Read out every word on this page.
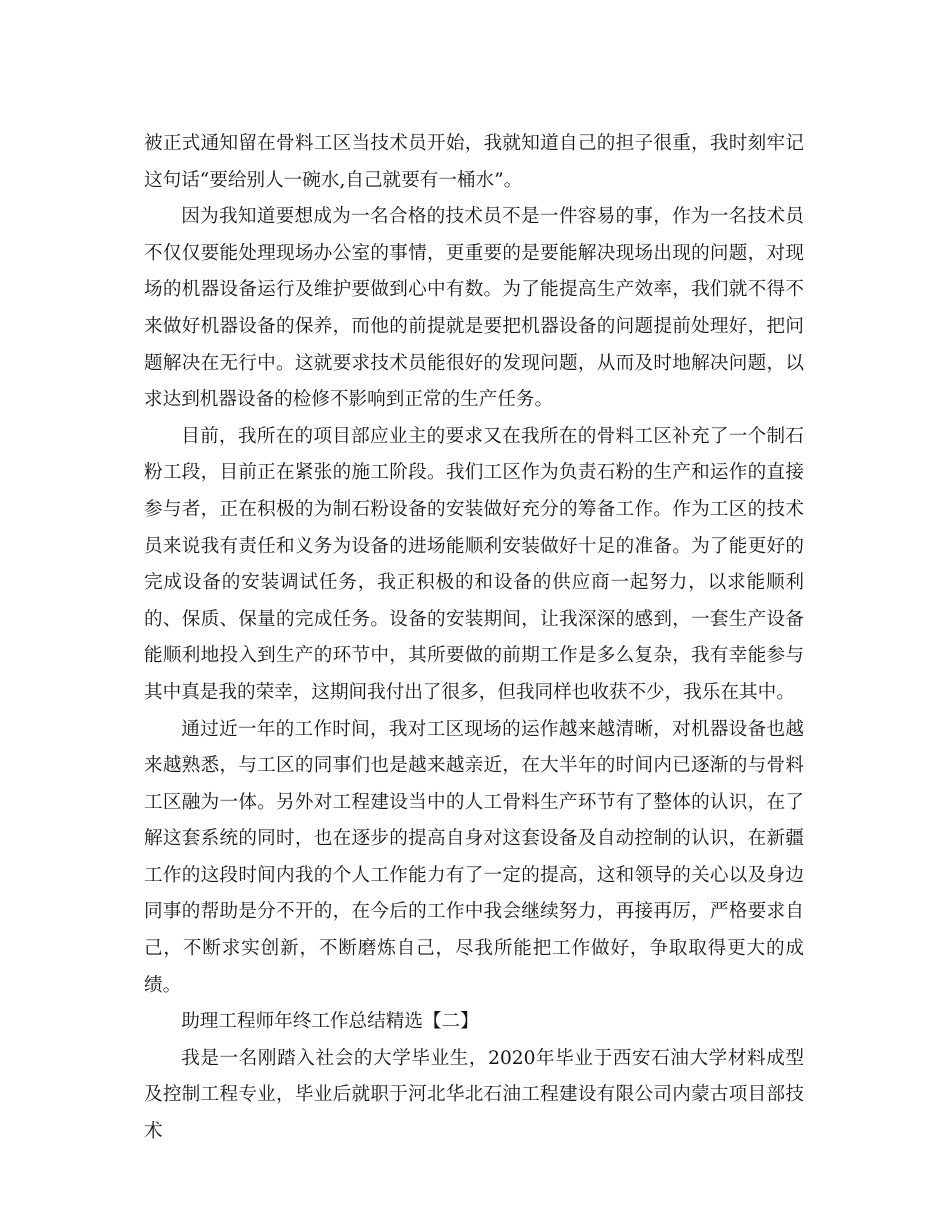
被正式通知留在骨料工区当技术员开始，我就知道自己的担子很重，我时刻牢记这句话“要给别人一碗水,自己就要有一桶水”。

因为我知道要想成为一名合格的技术员不是一件容易的事，作为一名技术员不仅仅要能处理现场办公室的事情，更重要的是要能解决现场出现的问题，对现场的机器设备运行及维护要做到心中有数。为了能提高生产效率，我们就不得不来做好机器设备的保养，而他的前提就是要把机器设备的问题提前处理好，把问题解决在无行中。这就要求技术员能很好的发现问题，从而及时地解决问题，以求达到机器设备的检修不影响到正常的生产任务。

目前，我所在的项目部应业主的要求又在我所在的骨料工区补充了一个制石粉工段，目前正在紧张的施工阶段。我们工区作为负责石粉的生产和运作的直接参与者，正在积极的为制石粉设备的安装做好充分的筹备工作。作为工区的技术员来说我有责任和义务为设备的进场能顺利安装做好十足的准备。为了能更好的完成设备的安装调试任务，我正积极的和设备的供应商一起努力，以求能顺利的、保质、保量的完成任务。设备的安装期间，让我深深的感到，一套生产设备能顺利地投入到生产的环节中，其所要做的前期工作是多么复杂，我有幸能参与其中真是我的荣幸，这期间我付出了很多，但我同样也收获不少，我乐在其中。

通过近一年的工作时间，我对工区现场的运作越来越清晰，对机器设备也越来越熟悉，与工区的同事们也是越来越亲近，在大半年的时间内已逐渐的与骨料工区融为一体。另外对工程建设当中的人工骨料生产环节有了整体的认识，在了解这套系统的同时，也在逐步的提高自身对这套设备及自动控制的认识，在新疆工作的这段时间内我的个人工作能力有了一定的提高，这和领导的关心以及身边同事的帮助是分不开的，在今后的工作中我会继续努力，再接再厉，严格要求自己，不断求实创新，不断磨炼自己，尽我所能把工作做好，争取取得更大的成绩。

助理工程师年终工作总结精选【二】

我是一名刚踏入社会的大学毕业生，2020年毕业于西安石油大学材料成型及控制工程专业，毕业后就职于河北华北石油工程建设有限公司内蒙古项目部技术
